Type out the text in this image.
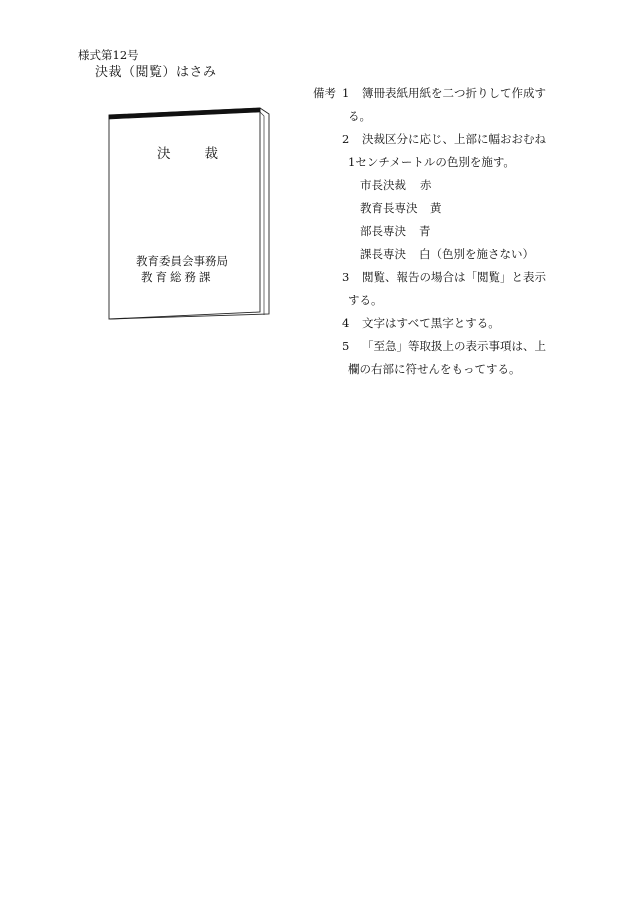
様式第12号
決裁（閲覧）はさみ
決	裁
教育委員会事務局
教育総務課
備考 1 簿冊表紙用紙を二つ折りして作成す
る。
2 決裁区分に応じ、上部に幅おおむね
1センチメートルの色別を施す。
市長決裁 赤
教育長専決 黄
部長専決 青
課長専決 白（色別を施さない）
3 閲覧、報告の場合は「閲覧」と表示
する。
4 文字はすべて黒字とする。
5 「至急」等取扱上の表示事項は、上
欄の右部に符せんをもってする。
